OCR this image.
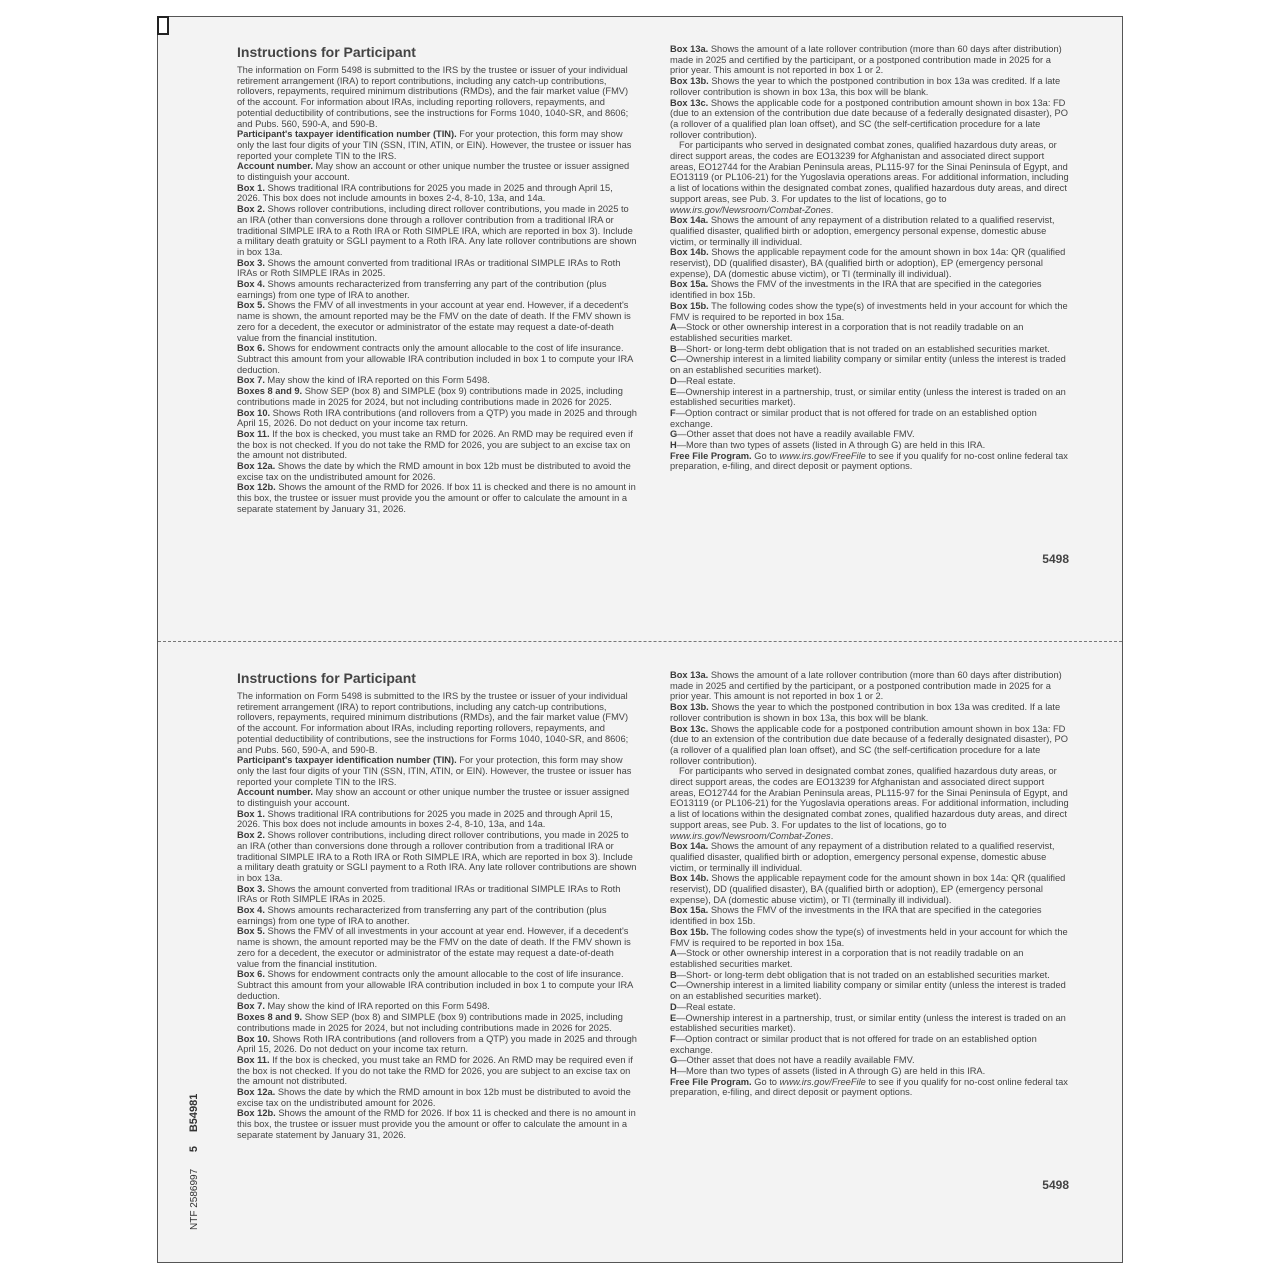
Instructions for Participant

The information on Form 5498 is submitted to the IRS by the trustee or issuer of your individual retirement arrangement (IRA) to report contributions, including any catch-up contributions, rollovers, repayments, required minimum distributions (RMDs), and the fair market value (FMV) of the account. For information about IRAs, including reporting rollovers, repayments, and potential deductibility of contributions, see the instructions for Forms 1040, 1040-SR, and 8606; and Pubs. 560, 590-A, and 590-B.

Participant's taxpayer identification number (TIN). For your protection, this form may show only the last four digits of your TIN (SSN, ITIN, ATIN, or EIN). However, the trustee or issuer has reported your complete TIN to the IRS.

Account number. May show an account or other unique number the trustee or issuer assigned to distinguish your account.

Box 1. Shows traditional IRA contributions for 2025 you made in 2025 and through April 15, 2026. This box does not include amounts in boxes 2-4, 8-10, 13a, and 14a.

Box 2. Shows rollover contributions, including direct rollover contributions, you made in 2025 to an IRA (other than conversions done through a rollover contribution from a traditional IRA or traditional SIMPLE IRA to a Roth IRA or Roth SIMPLE IRA, which are reported in box 3). Include a military death gratuity or SGLI payment to a Roth IRA. Any late rollover contributions are shown in box 13a.

Box 3. Shows the amount converted from traditional IRAs or traditional SIMPLE IRAs to Roth IRAs or Roth SIMPLE IRAs in 2025.

Box 4. Shows amounts recharacterized from transferring any part of the contribution (plus earnings) from one type of IRA to another.

Box 5. Shows the FMV of all investments in your account at year end. However, if a decedent's name is shown, the amount reported may be the FMV on the date of death. If the FMV shown is zero for a decedent, the executor or administrator of the estate may request a date-of-death value from the financial institution.

Box 6. Shows for endowment contracts only the amount allocable to the cost of life insurance. Subtract this amount from your allowable IRA contribution included in box 1 to compute your IRA deduction.

Box 7. May show the kind of IRA reported on this Form 5498.

Boxes 8 and 9. Show SEP (box 8) and SIMPLE (box 9) contributions made in 2025, including contributions made in 2025 for 2024, but not including contributions made in 2026 for 2025.

Box 10. Shows Roth IRA contributions (and rollovers from a QTP) you made in 2025 and through April 15, 2026. Do not deduct on your income tax return.

Box 11. If the box is checked, you must take an RMD for 2026. An RMD may be required even if the box is not checked. If you do not take the RMD for 2026, you are subject to an excise tax on the amount not distributed.

Box 12a. Shows the date by which the RMD amount in box 12b must be distributed to avoid the excise tax on the undistributed amount for 2026.

Box 12b. Shows the amount of the RMD for 2026. If box 11 is checked and there is no amount in this box, the trustee or issuer must provide you the amount or offer to calculate the amount in a separate statement by January 31, 2026.

Box 13a. Shows the amount of a late rollover contribution (more than 60 days after distribution) made in 2025 and certified by the participant, or a postponed contribution made in 2025 for a prior year. This amount is not reported in box 1 or 2.

Box 13b. Shows the year to which the postponed contribution in box 13a was credited. If a late rollover contribution is shown in box 13a, this box will be blank.

Box 13c. Shows the applicable code for a postponed contribution amount shown in box 13a: FD (due to an extension of the contribution due date because of a federally designated disaster), PO (a rollover of a qualified plan loan offset), and SC (the self-certification procedure for a late rollover contribution).

For participants who served in designated combat zones, qualified hazardous duty areas, or direct support areas, the codes are EO13239 for Afghanistan and associated direct support areas, EO12744 for the Arabian Peninsula areas, PL115-97 for the Sinai Peninsula of Egypt, and EO13119 (or PL106-21) for the Yugoslavia operations areas. For additional information, including a list of locations within the designated combat zones, qualified hazardous duty areas, and direct support areas, see Pub. 3. For updates to the list of locations, go to www.irs.gov/Newsroom/Combat-Zones.

Box 14a. Shows the amount of any repayment of a distribution related to a qualified reservist, qualified disaster, qualified birth or adoption, emergency personal expense, domestic abuse victim, or terminally ill individual.

Box 14b. Shows the applicable repayment code for the amount shown in box 14a: QR (qualified reservist), DD (qualified disaster), BA (qualified birth or adoption), EP (emergency personal expense), DA (domestic abuse victim), or TI (terminally ill individual).

Box 15a. Shows the FMV of the investments in the IRA that are specified in the categories identified in box 15b.

Box 15b. The following codes show the type(s) of investments held in your account for which the FMV is required to be reported in box 15a.

A—Stock or other ownership interest in a corporation that is not readily tradable on an established securities market.

B—Short- or long-term debt obligation that is not traded on an established securities market.

C—Ownership interest in a limited liability company or similar entity (unless the interest is traded on an established securities market).

D—Real estate.

E—Ownership interest in a partnership, trust, or similar entity (unless the interest is traded on an established securities market).

F—Option contract or similar product that is not offered for trade on an established option exchange.

G—Other asset that does not have a readily available FMV.

H—More than two types of assets (listed in A through G) are held in this IRA.

Free File Program. Go to www.irs.gov/FreeFile to see if you qualify for no-cost online federal tax preparation, e-filing, and direct deposit or payment options.

5498

Instructions for Participant

The information on Form 5498 is submitted to the IRS by the trustee or issuer of your individual retirement arrangement (IRA) to report contributions, including any catch-up contributions, rollovers, repayments, required minimum distributions (RMDs), and the fair market value (FMV) of the account. For information about IRAs, including reporting rollovers, repayments, and potential deductibility of contributions, see the instructions for Forms 1040, 1040-SR, and 8606; and Pubs. 560, 590-A, and 590-B.

Participant's taxpayer identification number (TIN). For your protection, this form may show only the last four digits of your TIN (SSN, ITIN, ATIN, or EIN). However, the trustee or issuer has reported your complete TIN to the IRS.

Account number. May show an account or other unique number the trustee or issuer assigned to distinguish your account.

Box 1. Shows traditional IRA contributions for 2025 you made in 2025 and through April 15, 2026. This box does not include amounts in boxes 2-4, 8-10, 13a, and 14a.

Box 2. Shows rollover contributions, including direct rollover contributions, you made in 2025 to an IRA (other than conversions done through a rollover contribution from a traditional IRA or traditional SIMPLE IRA to a Roth IRA or Roth SIMPLE IRA, which are reported in box 3). Include a military death gratuity or SGLI payment to a Roth IRA. Any late rollover contributions are shown in box 13a.

Box 3. Shows the amount converted from traditional IRAs or traditional SIMPLE IRAs to Roth IRAs or Roth SIMPLE IRAs in 2025.

Box 4. Shows amounts recharacterized from transferring any part of the contribution (plus earnings) from one type of IRA to another.

Box 5. Shows the FMV of all investments in your account at year end. However, if a decedent's name is shown, the amount reported may be the FMV on the date of death. If the FMV shown is zero for a decedent, the executor or administrator of the estate may request a date-of-death value from the financial institution.

Box 6. Shows for endowment contracts only the amount allocable to the cost of life insurance. Subtract this amount from your allowable IRA contribution included in box 1 to compute your IRA deduction.

Box 7. May show the kind of IRA reported on this Form 5498.

Boxes 8 and 9. Show SEP (box 8) and SIMPLE (box 9) contributions made in 2025, including contributions made in 2025 for 2024, but not including contributions made in 2026 for 2025.

Box 10. Shows Roth IRA contributions (and rollovers from a QTP) you made in 2025 and through April 15, 2026. Do not deduct on your income tax return.

Box 11. If the box is checked, you must take an RMD for 2026. An RMD may be required even if the box is not checked. If you do not take the RMD for 2026, you are subject to an excise tax on the amount not distributed.

Box 12a. Shows the date by which the RMD amount in box 12b must be distributed to avoid the excise tax on the undistributed amount for 2026.

Box 12b. Shows the amount of the RMD for 2026. If box 11 is checked and there is no amount in this box, the trustee or issuer must provide you the amount or offer to calculate the amount in a separate statement by January 31, 2026.

Box 13a. Shows the amount of a late rollover contribution (more than 60 days after distribution) made in 2025 and certified by the participant, or a postponed contribution made in 2025 for a prior year. This amount is not reported in box 1 or 2.

Box 13b. Shows the year to which the postponed contribution in box 13a was credited. If a late rollover contribution is shown in box 13a, this box will be blank.

Box 13c. Shows the applicable code for a postponed contribution amount shown in box 13a: FD (due to an extension of the contribution due date because of a federally designated disaster), PO (a rollover of a qualified plan loan offset), and SC (the self-certification procedure for a late rollover contribution).

For participants who served in designated combat zones, qualified hazardous duty areas, or direct support areas, the codes are EO13239 for Afghanistan and associated direct support areas, EO12744 for the Arabian Peninsula areas, PL115-97 for the Sinai Peninsula of Egypt, and EO13119 (or PL106-21) for the Yugoslavia operations areas. For additional information, including a list of locations within the designated combat zones, qualified hazardous duty areas, and direct support areas, see Pub. 3. For updates to the list of locations, go to www.irs.gov/Newsroom/Combat-Zones.

Box 14a. Shows the amount of any repayment of a distribution related to a qualified reservist, qualified disaster, qualified birth or adoption, emergency personal expense, domestic abuse victim, or terminally ill individual.

Box 14b. Shows the applicable repayment code for the amount shown in box 14a: QR (qualified reservist), DD (qualified disaster), BA (qualified birth or adoption), EP (emergency personal expense), DA (domestic abuse victim), or TI (terminally ill individual).

Box 15a. Shows the FMV of the investments in the IRA that are specified in the categories identified in box 15b.

Box 15b. The following codes show the type(s) of investments held in your account for which the FMV is required to be reported in box 15a.

A—Stock or other ownership interest in a corporation that is not readily tradable on an established securities market.

B—Short- or long-term debt obligation that is not traded on an established securities market.

C—Ownership interest in a limited liability company or similar entity (unless the interest is traded on an established securities market).

D—Real estate.

E—Ownership interest in a partnership, trust, or similar entity (unless the interest is traded on an established securities market).

F—Option contract or similar product that is not offered for trade on an established option exchange.

G—Other asset that does not have a readily available FMV.

H—More than two types of assets (listed in A through G) are held in this IRA.

Free File Program. Go to www.irs.gov/FreeFile to see if you qualify for no-cost online federal tax preparation, e-filing, and direct deposit or payment options.

5498
NTF 2586997      5     B54981
